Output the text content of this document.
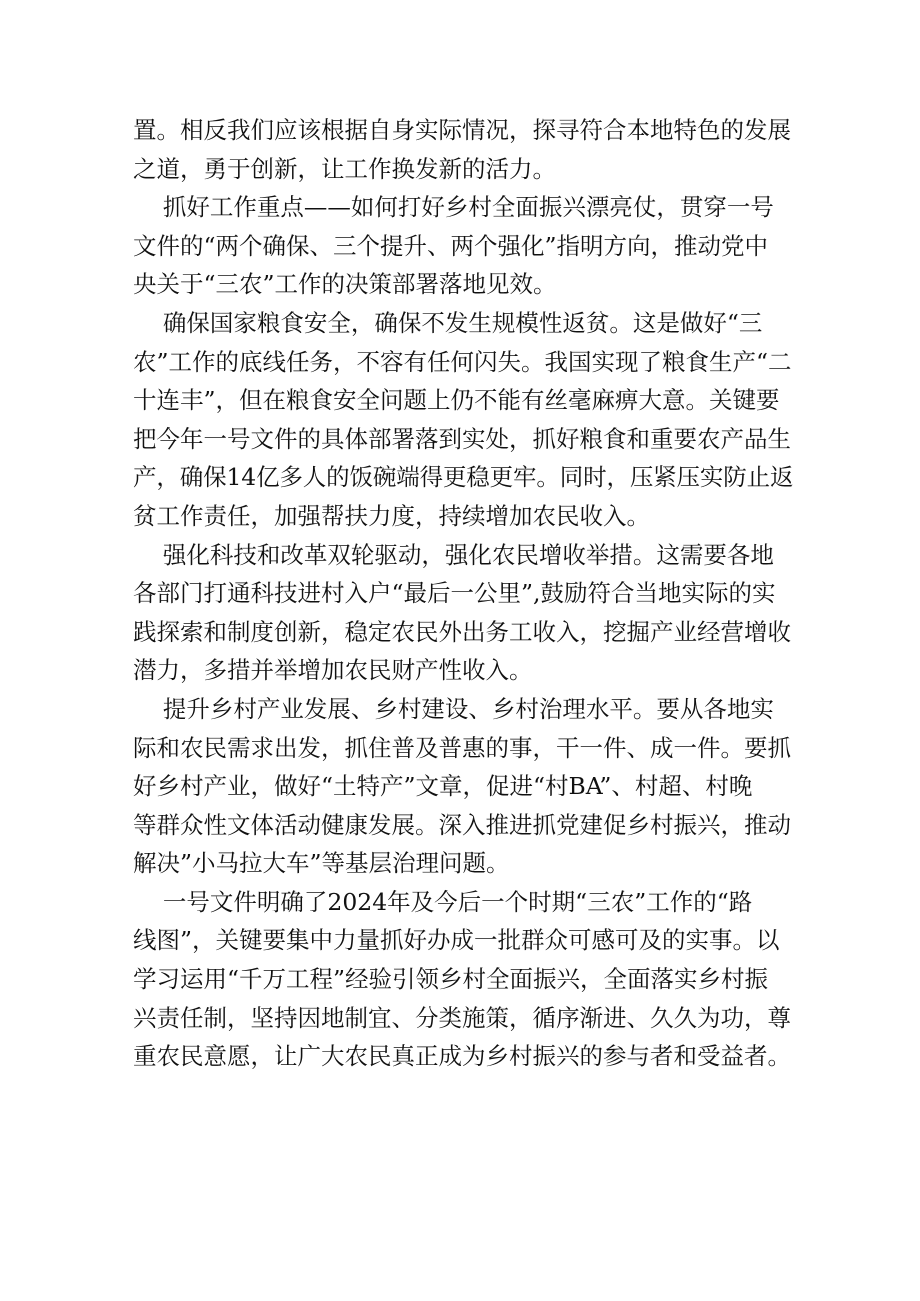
置。相反我们应该根据自身实际情况，探寻符合本地特色的发展
之道，勇于创新，让工作换发新的活力。
抓好工作重点——如何打好乡村全面振兴漂亮仗，贯穿一号
文件的“两个确保、三个提升、两个强化”指明方向，推动党中
央关于“三农”工作的决策部署落地见效。
确保国家粮食安全，确保不发生规模性返贫。这是做好“三
农”工作的底线任务，不容有任何闪失。我国实现了粮食生产“二
十连丰”，但在粮食安全问题上仍不能有丝毫麻痹大意。关键要
把今年一号文件的具体部署落到实处，抓好粮食和重要农产品生
产，确保14亿多人的饭碗端得更稳更牢。同时，压紧压实防止返
贫工作责任，加强帮扶力度，持续增加农民收入。
强化科技和改革双轮驱动，强化农民增收举措。这需要各地
各部门打通科技进村入户“最后一公里”,鼓励符合当地实际的实
践探索和制度创新，稳定农民外出务工收入，挖掘产业经营增收
潜力，多措并举增加农民财产性收入。
提升乡村产业发展、乡村建设、乡村治理水平。要从各地实
际和农民需求出发，抓住普及普惠的事，干一件、成一件。要抓
好乡村产业，做好“土特产”文章，促进“村BA”、村超、村晚
等群众性文体活动健康发展。深入推进抓党建促乡村振兴，推动
解决”小马拉大车”等基层治理问题。
一号文件明确了2024年及今后一个时期“三农”工作的“路
线图”，关键要集中力量抓好办成一批群众可感可及的实事。以
学习运用“千万工程”经验引领乡村全面振兴，全面落实乡村振
兴责任制，坚持因地制宜、分类施策，循序渐进、久久为功，尊
重农民意愿，让广大农民真正成为乡村振兴的参与者和受益者。
